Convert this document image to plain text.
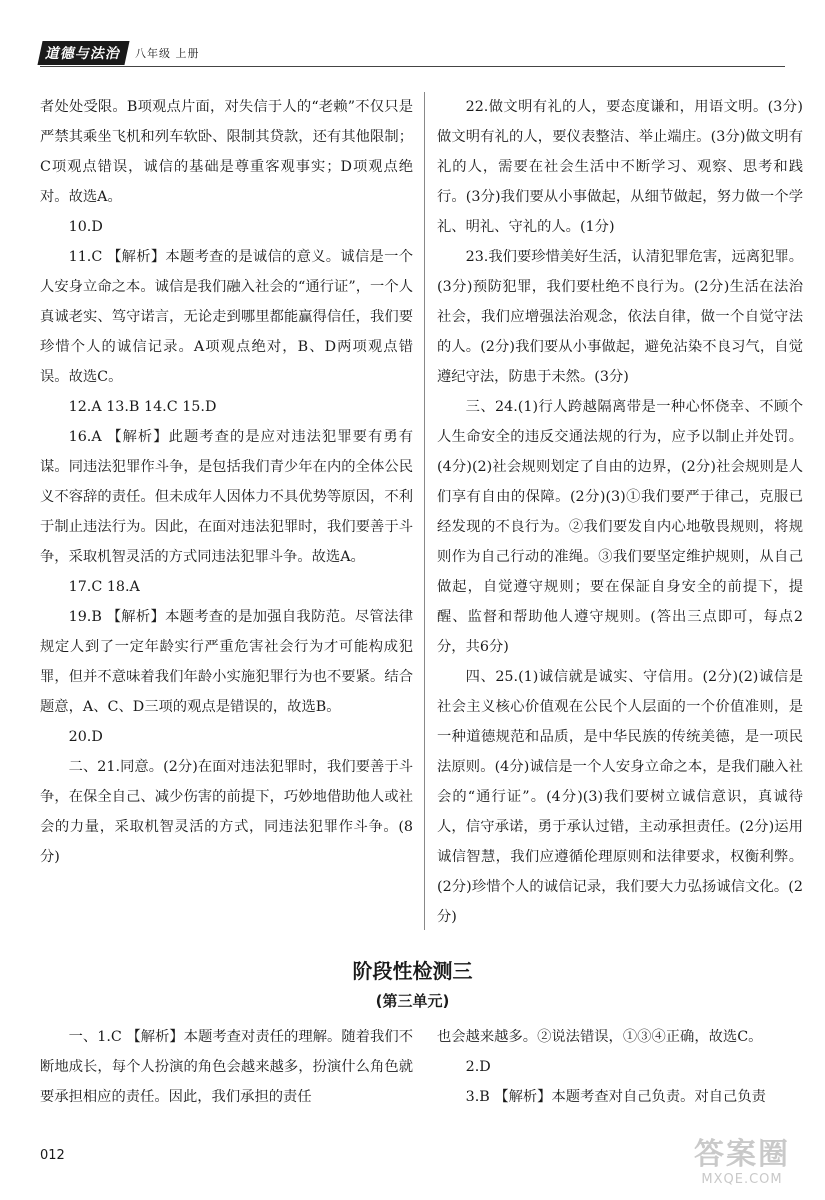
道德与法治	八年级 上册

者处处受限。B项观点片面，对失信于人的“老赖”不仅只是严禁其乘坐飞机和列车软卧、限制其贷款，还有其他限制；C项观点错误，诚信的基础是尊重客观事实；D项观点绝对。故选A。

10.D

11.C 【解析】本题考查的是诚信的意义。诚信是一个人安身立命之本。诚信是我们融入社会的“通行证”，一个人真诚老实、笃守诺言，无论走到哪里都能赢得信任，我们要珍惜个人的诚信记录。A项观点绝对，B、D两项观点错误。故选C。

12.A 13.B 14.C 15.D

16.A 【解析】此题考查的是应对违法犯罪要有勇有谋。同违法犯罪作斗争，是包括我们青少年在内的全体公民义不容辞的责任。但未成年人因体力不具优势等原因，不利于制止违法行为。因此，在面对违法犯罪时，我们要善于斗争，采取机智灵活的方式同违法犯罪斗争。故选A。

17.C 18.A

19.B 【解析】本题考查的是加强自我防范。尽管法律规定人到了一定年龄实行严重危害社会行为才可能构成犯罪，但并不意味着我们年龄小实施犯罪行为也不要紧。结合题意，A、C、D三项的观点是错误的，故选B。

20.D

二、21.同意。(2分)在面对违法犯罪时，我们要善于斗争，在保全自己、减少伤害的前提下，巧妙地借助他人或社会的力量，采取机智灵活的方式，同违法犯罪作斗争。(8分)

22.做文明有礼的人，要态度谦和，用语文明。(3分)做文明有礼的人，要仪表整洁、举止端庄。(3分)做文明有礼的人，需要在社会生活中不断学习、观察、思考和践行。(3分)我们要从小事做起，从细节做起，努力做一个学礼、明礼、守礼的人。(1分)

23.我们要珍惜美好生活，认清犯罪危害，远离犯罪。(3分)预防犯罪，我们要杜绝不良行为。(2分)生活在法治社会，我们应增强法治观念，依法自律，做一个自觉守法的人。(2分)我们要从小事做起，避免沾染不良习气，自觉遵纪守法，防患于未然。(3分)

三、24.(1)行人跨越隔离带是一种心怀侥幸、不顾个人生命安全的违反交通法规的行为，应予以制止并处罚。(4分)(2)社会规则划定了自由的边界，(2分)社会规则是人们享有自由的保障。(2分)(3)①我们要严于律己，克服已经发现的不良行为。②我们要发自内心地敬畏规则，将规则作为自己行动的准绳。③我们要坚定维护规则，从自己做起，自觉遵守规则；要在保証自身安全的前提下，提醒、监督和帮助他人遵守规则。(答出三点即可，每点2分，共6分)

四、25.(1)诚信就是诚实、守信用。(2分)(2)诚信是社会主义核心价值观在公民个人层面的一个价值准则，是一种道德规范和品质，是中华民族的传统美德，是一项民法原则。(4分)诚信是一个人安身立命之本，是我们融入社会的“通行证”。(4分)(3)我们要树立诚信意识，真诚待人，信守承诺，勇于承认过错，主动承担责任。(2分)运用诚信智慧，我们应遵循伦理原则和法律要求，权衡利弊。(2分)珍惜个人的诚信记录，我们要大力弘扬诚信文化。(2分)

阶段性检测三
(第三单元)

一、1.C 【解析】本题考查对责任的理解。随着我们不断地成长，每个人扮演的角色会越来越多，扮演什么角色就要承担相应的责任。因此，我们承担的责任

也会越来越多。②说法错误，①③④正确，故选C。

2.D

3.B 【解析】本题考查对自己负责。对自己负责

012	答案圈
MXQE.COM
